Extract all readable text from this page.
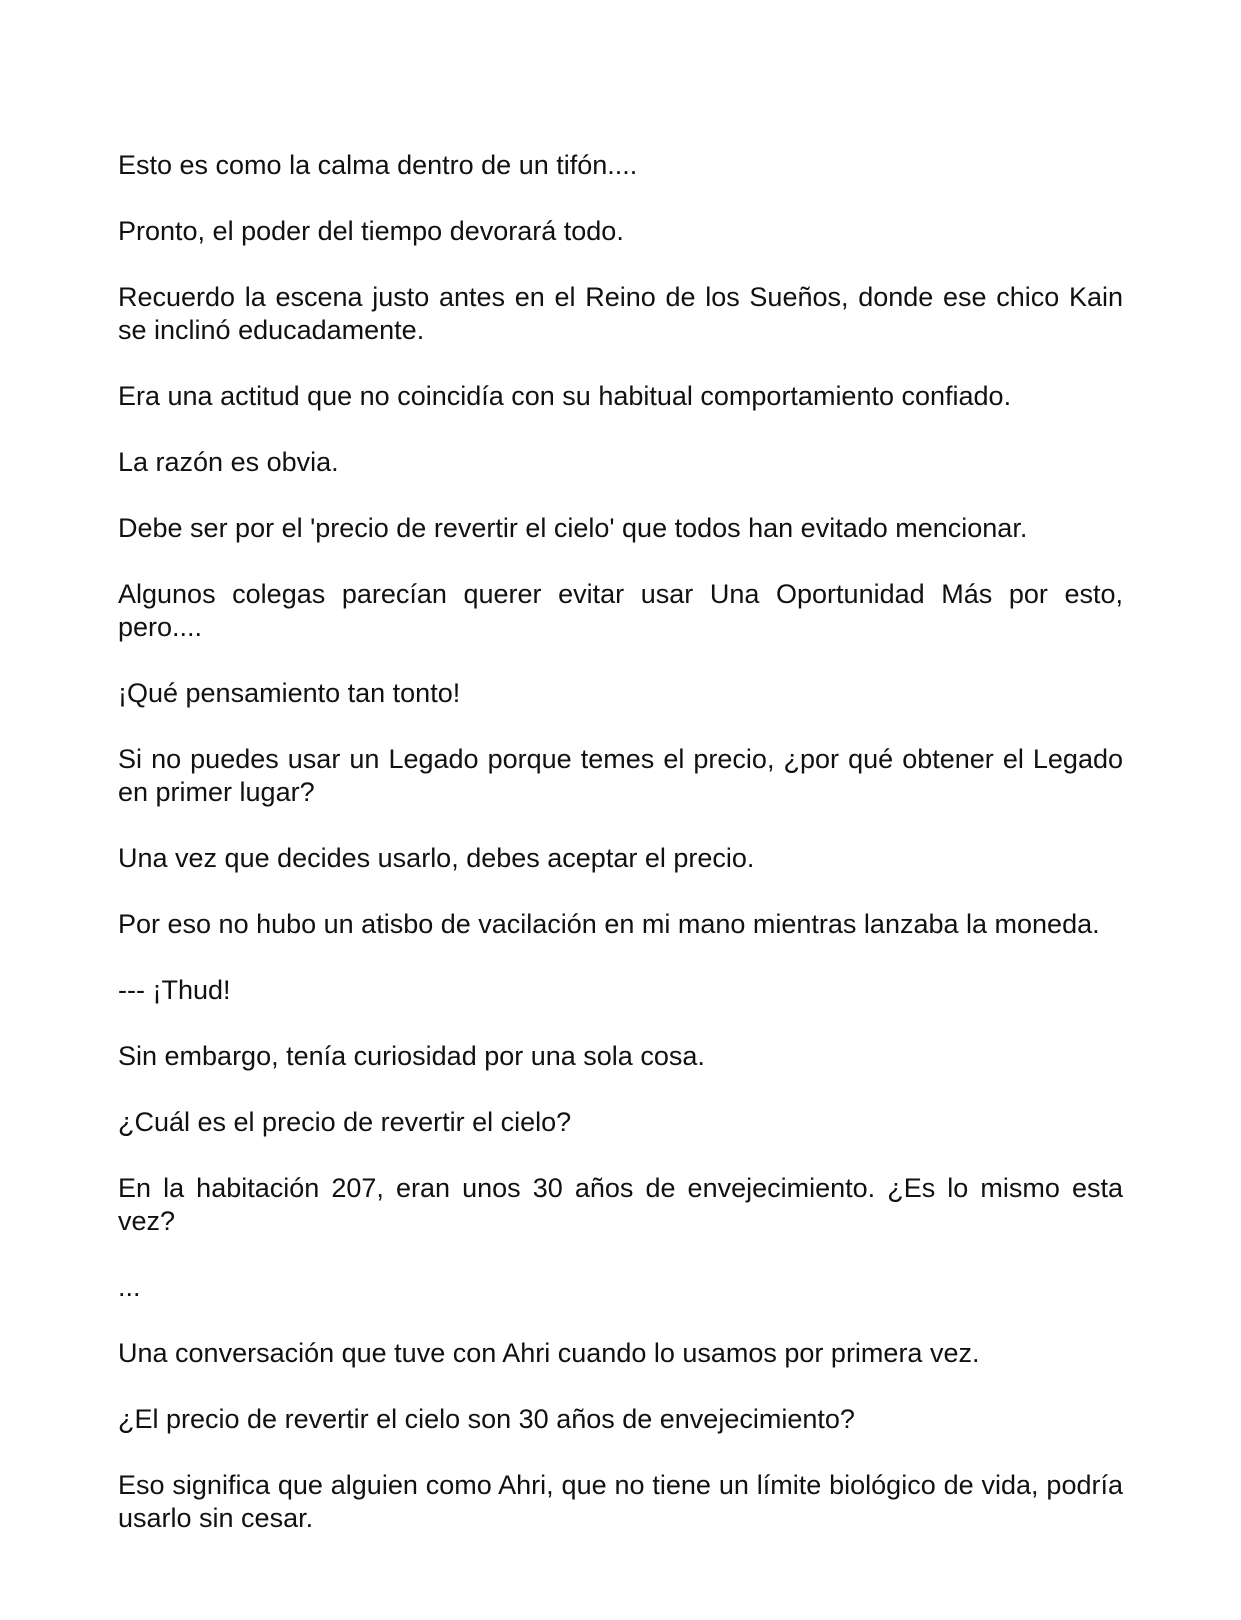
Esto es como la calma dentro de un tifón....

Pronto, el poder del tiempo devorará todo.

Recuerdo la escena justo antes en el Reino de los Sueños, donde ese chico Kain se inclinó educadamente.

Era una actitud que no coincidía con su habitual comportamiento confiado.

La razón es obvia.

Debe ser por el 'precio de revertir el cielo' que todos han evitado mencionar.

Algunos colegas parecían querer evitar usar Una Oportunidad Más por esto, pero....

¡Qué pensamiento tan tonto!

Si no puedes usar un Legado porque temes el precio, ¿por qué obtener el Legado en primer lugar?

Una vez que decides usarlo, debes aceptar el precio.

Por eso no hubo un atisbo de vacilación en mi mano mientras lanzaba la moneda.

--- ¡Thud!

Sin embargo, tenía curiosidad por una sola cosa.

¿Cuál es el precio de revertir el cielo?

En la habitación 207, eran unos 30 años de envejecimiento. ¿Es lo mismo esta vez?

...

Una conversación que tuve con Ahri cuando lo usamos por primera vez.

¿El precio de revertir el cielo son 30 años de envejecimiento?

Eso significa que alguien como Ahri, que no tiene un límite biológico de vida, podría usarlo sin cesar.
